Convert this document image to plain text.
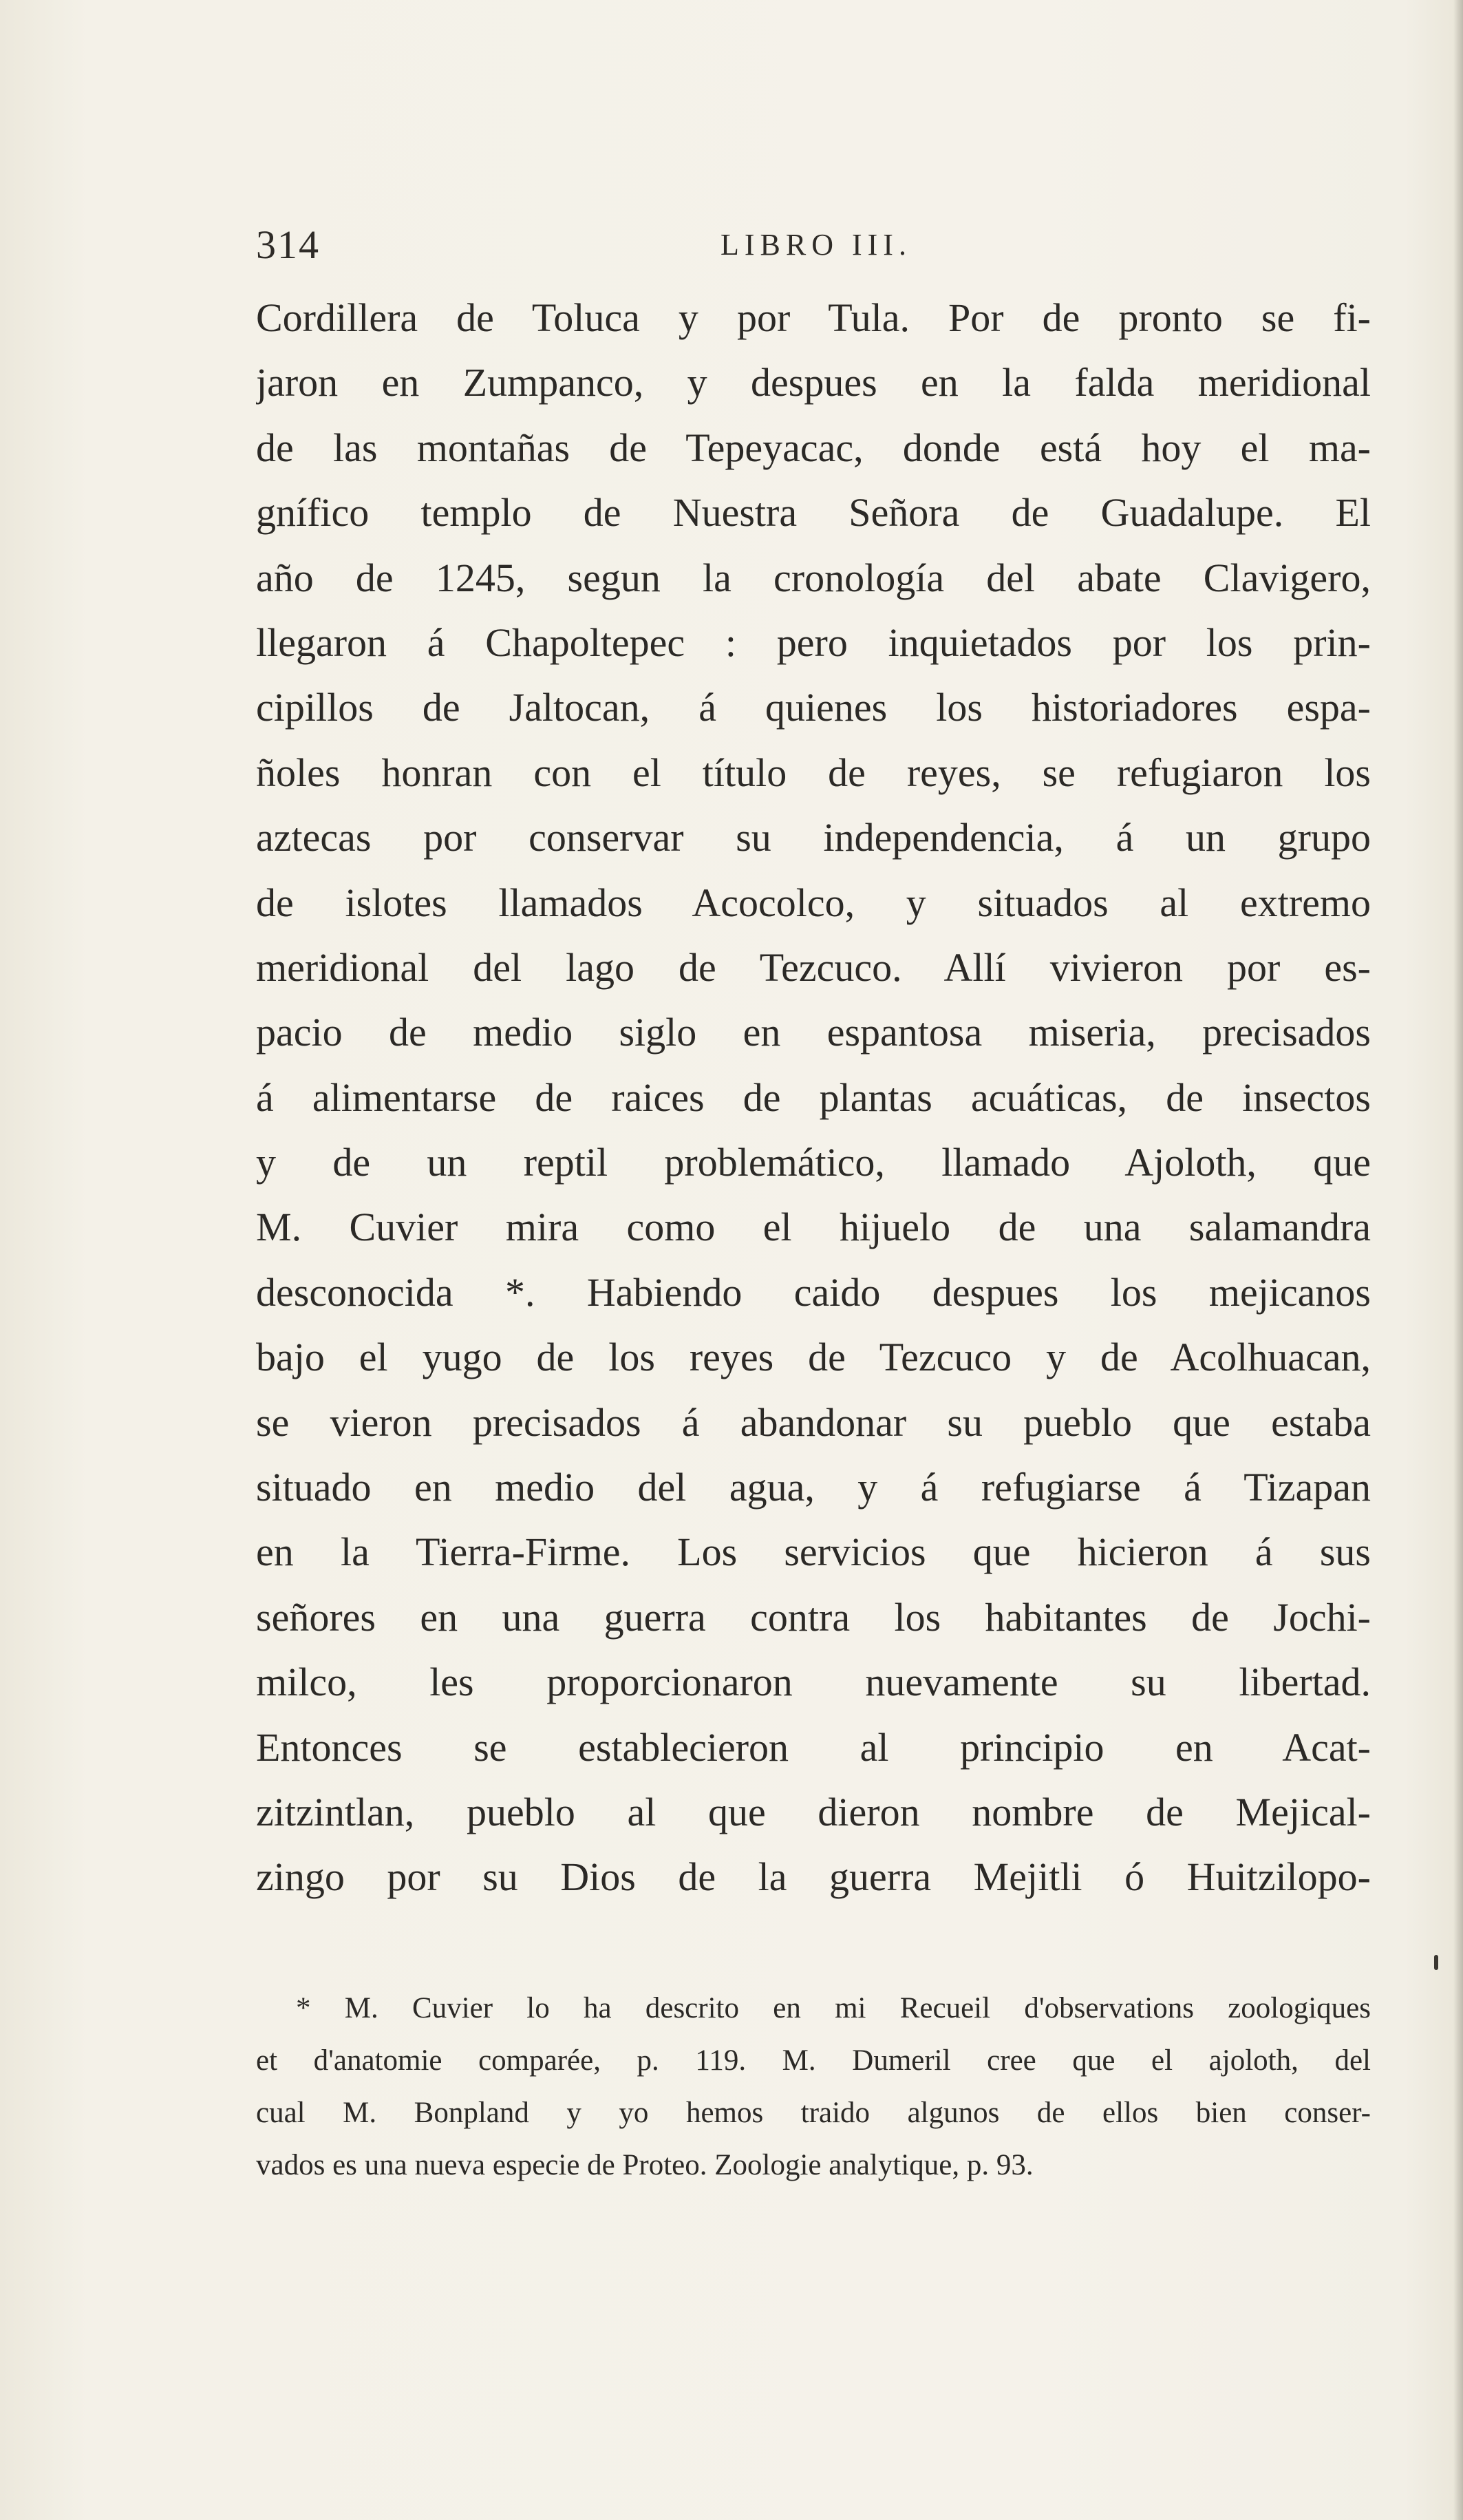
314	LIBRO III.
Cordillera de Toluca y por Tula. Por de pronto se fi-
jaron en Zumpanco, y despues en la falda meridional
de las montañas de Tepeyacac, donde está hoy el ma-
gnífico templo de Nuestra Señora de Guadalupe. El
año de 1245, segun la cronología del abate Clavigero,
llegaron á Chapoltepec : pero inquietados por los prin-
cipillos de Jaltocan, á quienes los historiadores espa-
ñoles honran con el título de reyes, se refugiaron los
aztecas por conservar su independencia, á un grupo
de islotes llamados Acocolco, y situados al extremo
meridional del lago de Tezcuco. Allí vivieron por es-
pacio de medio siglo en espantosa miseria, precisados
á alimentarse de raices de plantas acuáticas, de insectos
y de un reptil problemático, llamado Ajoloth, que
M. Cuvier mira como el hijuelo de una salamandra
desconocida *. Habiendo caido despues los mejicanos
bajo el yugo de los reyes de Tezcuco y de Acolhuacan,
se vieron precisados á abandonar su pueblo que estaba
situado en medio del agua, y á refugiarse á Tizapan
en la Tierra-Firme. Los servicios que hicieron á sus
señores en una guerra contra los habitantes de Jochi-
milco, les proporcionaron nuevamente su libertad.
Entonces se establecieron al principio en Acat-
zitzintlan, pueblo al que dieron nombre de Mejical-
zingo por su Dios de la guerra Mejitli ó Huitzilopo-
* M. Cuvier lo ha descrito en mi Recueil d'observations zoologiques
et d'anatomie comparée, p. 119. M. Dumeril cree que el ajoloth, del
cual M. Bonpland y yo hemos traido algunos de ellos bien conser-
vados es una nueva especie de Proteo. Zoologie analytique, p. 93.
